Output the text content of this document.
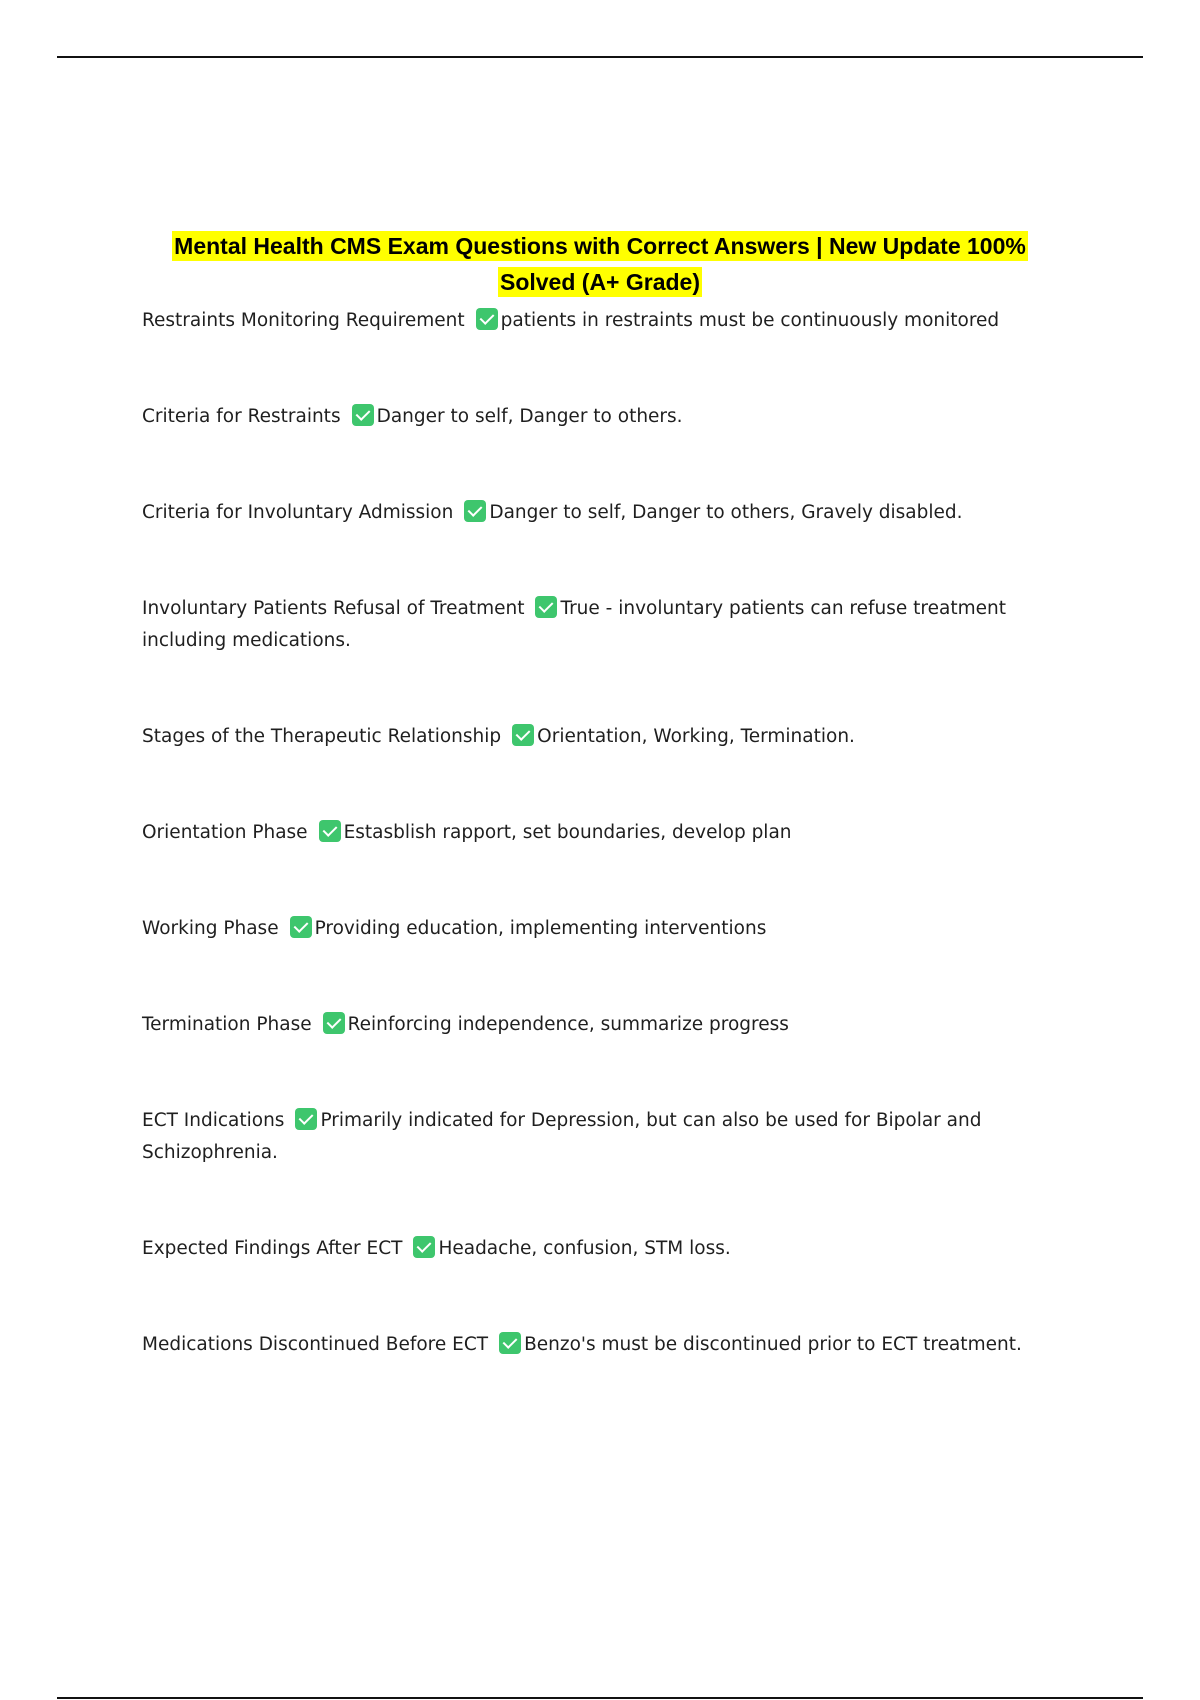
Mental Health CMS Exam Questions with Correct Answers | New Update 100% Solved (A+ Grade)
Restraints Monitoring Requirement patients in restraints must be continuously monitored
Criteria for Restraints Danger to self, Danger to others.
Criteria for Involuntary Admission Danger to self, Danger to others, Gravely disabled.
Involuntary Patients Refusal of Treatment True - involuntary patients can refuse treatment including medications.
Stages of the Therapeutic Relationship Orientation, Working, Termination.
Orientation Phase Estasblish rapport, set boundaries, develop plan
Working Phase Providing education, implementing interventions
Termination Phase Reinforcing independence, summarize progress
ECT Indications Primarily indicated for Depression, but can also be used for Bipolar and Schizophrenia.
Expected Findings After ECT Headache, confusion, STM loss.
Medications Discontinued Before ECT Benzo's must be discontinued prior to ECT treatment.
